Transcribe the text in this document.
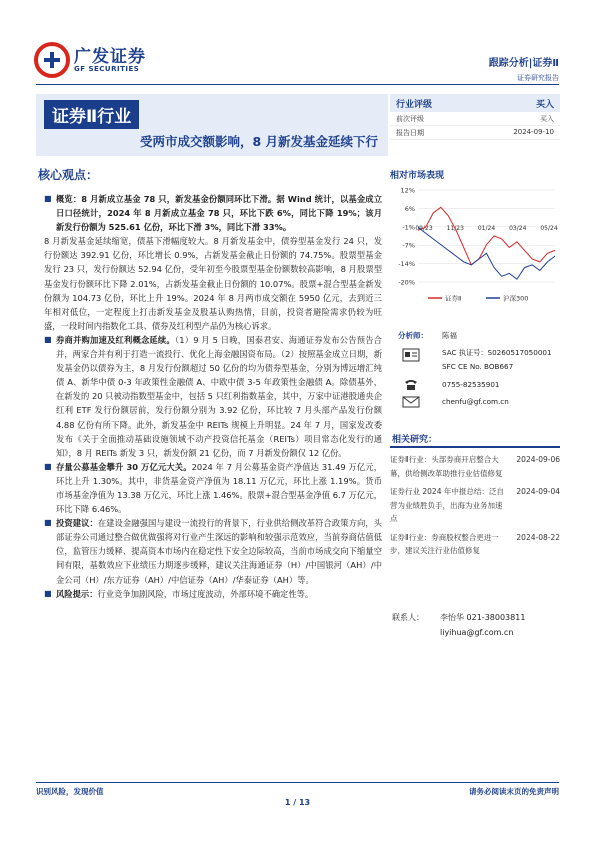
广发证券
GF SECURITIES	跟踪分析|证券Ⅱ
证券研究报告
证券Ⅱ行业
受两市成交额影响，8 月新发基金延续下行
行业评级	买入
前次评级	买入
报告日期	2024-09-10
核心观点：

■ 概览：8 月新成立基金 78 只，新发基金份额同环比下滑。据 Wind 统计，以基金成立日口径统计，2024 年 8 月新成立基金 78 只，环比下跌 6%，同比下降 19%；该月新发行份额为 525.61 亿份，环比下滑 3%，同比下滑 33%。

8 月新发基金延续缩宽，债基下滑幅度较大。8 月新发基金中，债券型基金发行 24 只，发行份额达 392.91 亿份，环比增长 0.9%，占新发基金截止日份额的 74.75%。股票型基金发行 23 只，发行份额达 52.94 亿份，受年初至今股票型基金份额数较高影响，8 月股票型基金发行份额环比下降 2.01%，占新发基金截止日份额的 10.07%。股票+混合型基金新发份额为 104.73 亿份，环比上升 19%。2024 年 8 月两市成交额在 5950 亿元，去到近三年相对低位，一定程度上打击新发基金及股基认购热情，目前，投资者避险需求仍较为旺盛，一段时间内指数化工具、债券及红利型产品仍为核心诉求。

■ 券商并购加速及红利概念延续。（1）9 月 5 日晚，国泰君安、海通证券发布公告预告合并，两家合并有利于打造一流投行、优化上海金融国资布局。（2）按照基金成立日期，新发基金仍以债券为主，8 月发行份额超过 50 亿份的均为债券型基金，分别为博远增汇纯债 A、新华中债 0-3 年政策性金融债 A、中欧中债 3-5 年政策性金融债 A。除债基外，在新发的 20 只被动指数型基金中，包括 5 只红利指数基金，其中，万家中证港股通央企红利 ETF 发行份额居前，发行份额分别为 3.92 亿份，环比较 7 月头部产品发行份额 4.88 亿份有所下降。此外，新发基金中 REITs 规模上升明显。24 年 7 月，国家发改委发布《关于全面推动基础设施领域不动产投资信托基金（REITs）项目常态化发行的通知》，8 月 REITs 新发 3 只，新发份额 21 亿份，而 7 月新发份额仅 12 亿份。

■ 存量公募基金攀升 30 万亿元大关。2024 年 7 月公募基金资产净值达 31.49 万亿元，环比上升 1.30%。其中，非货基金资产净值为 18.11 万亿元，环比上涨 1.19%。货币市场基金净值为 13.38 万亿元，环比上涨 1.46%。股票+混合型基金净值 6.7 万亿元，环比下降 6.46%。

■ 投资建议：在建设金融强国与建设一流投行的背景下，行业供给侧改革符合政策方向，头部证券公司通过整合做优做强将对行业产生深远的影响和较强示范效应，当前券商估值低位，监管压力缓释、提高资本市场内在稳定性下安全边际较高，当前市场成交向下缩量空间有限，基数效应下业绩压力期逐步缓释，建议关注海通证券（H）/中国银河（AH）/中金公司（H）/东方证券（AH）/中信证券（AH）/华泰证券（AH）等。

■ 风险提示：行业竞争加剧风险，市场过度波动，外部环境不确定性等。

相对市场表现
12%
6%
-1%
-7%
-14%
-20%
09/23 11/23 01/24 03/24 05/24
证券Ⅱ	沪深300
分析师： 陈福
SAC 执证号：S0260517050001
SFC CE No. BOB667
0755-82535901
chenfu@gf.com.cn
相关研究：
证券Ⅱ行业：头部券商开启整合大幕，供给侧改革助推行业估值修复
2024-09-06
证券行业 2024 年中报总结：泛自营为业绩胜负手，出海为业务加速点
2024-09-04
证券Ⅱ行业：券商股权整合更进一步，建议关注行业估值修复
2024-08-22
联系人： 李怡华 021-38003811
liyihua@gf.com.cn
识别风险，发现价值	请务必阅读末页的免责声明
1 / 13
